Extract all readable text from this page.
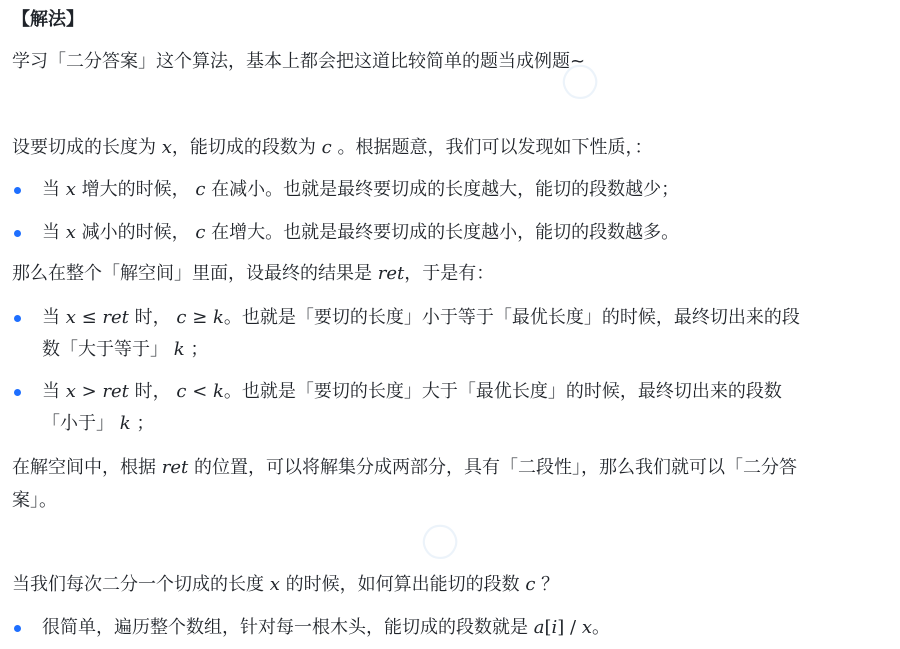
◯
◯
【解法】
学习「二分答案」这个算法，基本上都会把这道比较简单的题当成例题~
设要切成的长度为 x，能切成的段数为 c 。根据题意，我们可以发现如下性质，：
当 x 增大的时候， c 在减小。也就是最终要切成的长度越大，能切的段数越少；
当 x 减小的时候， c 在增大。也就是最终要切成的长度越小，能切的段数越多。
那么在整个「解空间」里面，设最终的结果是 ret，于是有：
当 x ≤ ret 时， c ≥ k。也就是「要切的长度」小于等于「最优长度」的时候，最终切出来的段
数「大于等于」 k ；
当 x > ret 时， c < k。也就是「要切的长度」大于「最优长度」的时候，最终切出来的段数
「小于」 k ；
在解空间中，根据 ret 的位置，可以将解集分成两部分，具有「二段性」，那么我们就可以「二分答
案」。
当我们每次二分一个切成的长度 x 的时候，如何算出能切的段数 c ？
很简单，遍历整个数组，针对每一根木头，能切成的段数就是 a[i] / x。
